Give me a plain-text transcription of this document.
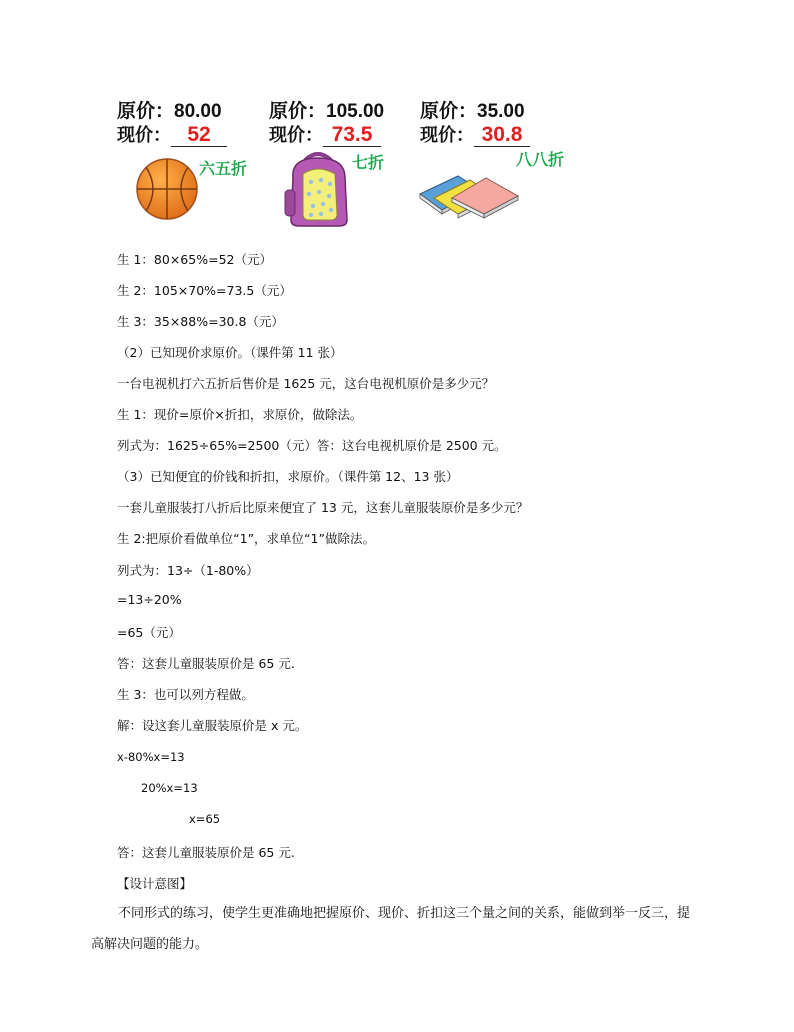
原价：80.00
现价： 52
六五折
原价：105.00
现价： 73.5
七折
原价：35.00
现价： 30.8
八八折
生 1：80×65%=52（元）
生 2：105×70%=73.5（元）
生 3：35×88%=30.8（元）
（2）已知现价求原价。（课件第 11 张）
一台电视机打六五折后售价是 1625 元，这台电视机原价是多少元？
生 1：现价=原价×折扣，求原价，做除法。
列式为：1625÷65%=2500（元）答：这台电视机原价是 2500 元。
（3）已知便宜的价钱和折扣，求原价。（课件第 12、13 张）
一套儿童服装打八折后比原来便宜了 13 元，这套儿童服装原价是多少元？
生 2:把原价看做单位“1”，求单位“1”做除法。
列式为：13÷（1-80%）
=13÷20%
=65（元）
答：这套儿童服装原价是 65 元.
生 3：也可以列方程做。
解：设这套儿童服装原价是 x 元。
x-80%x=13
20%x=13
x=65
答：这套儿童服装原价是 65 元.
【设计意图】
不同形式的练习，使学生更准确地把握原价、现价、折扣这三个量之间的关系，能做到举一反三，提高解决问题的能力。
